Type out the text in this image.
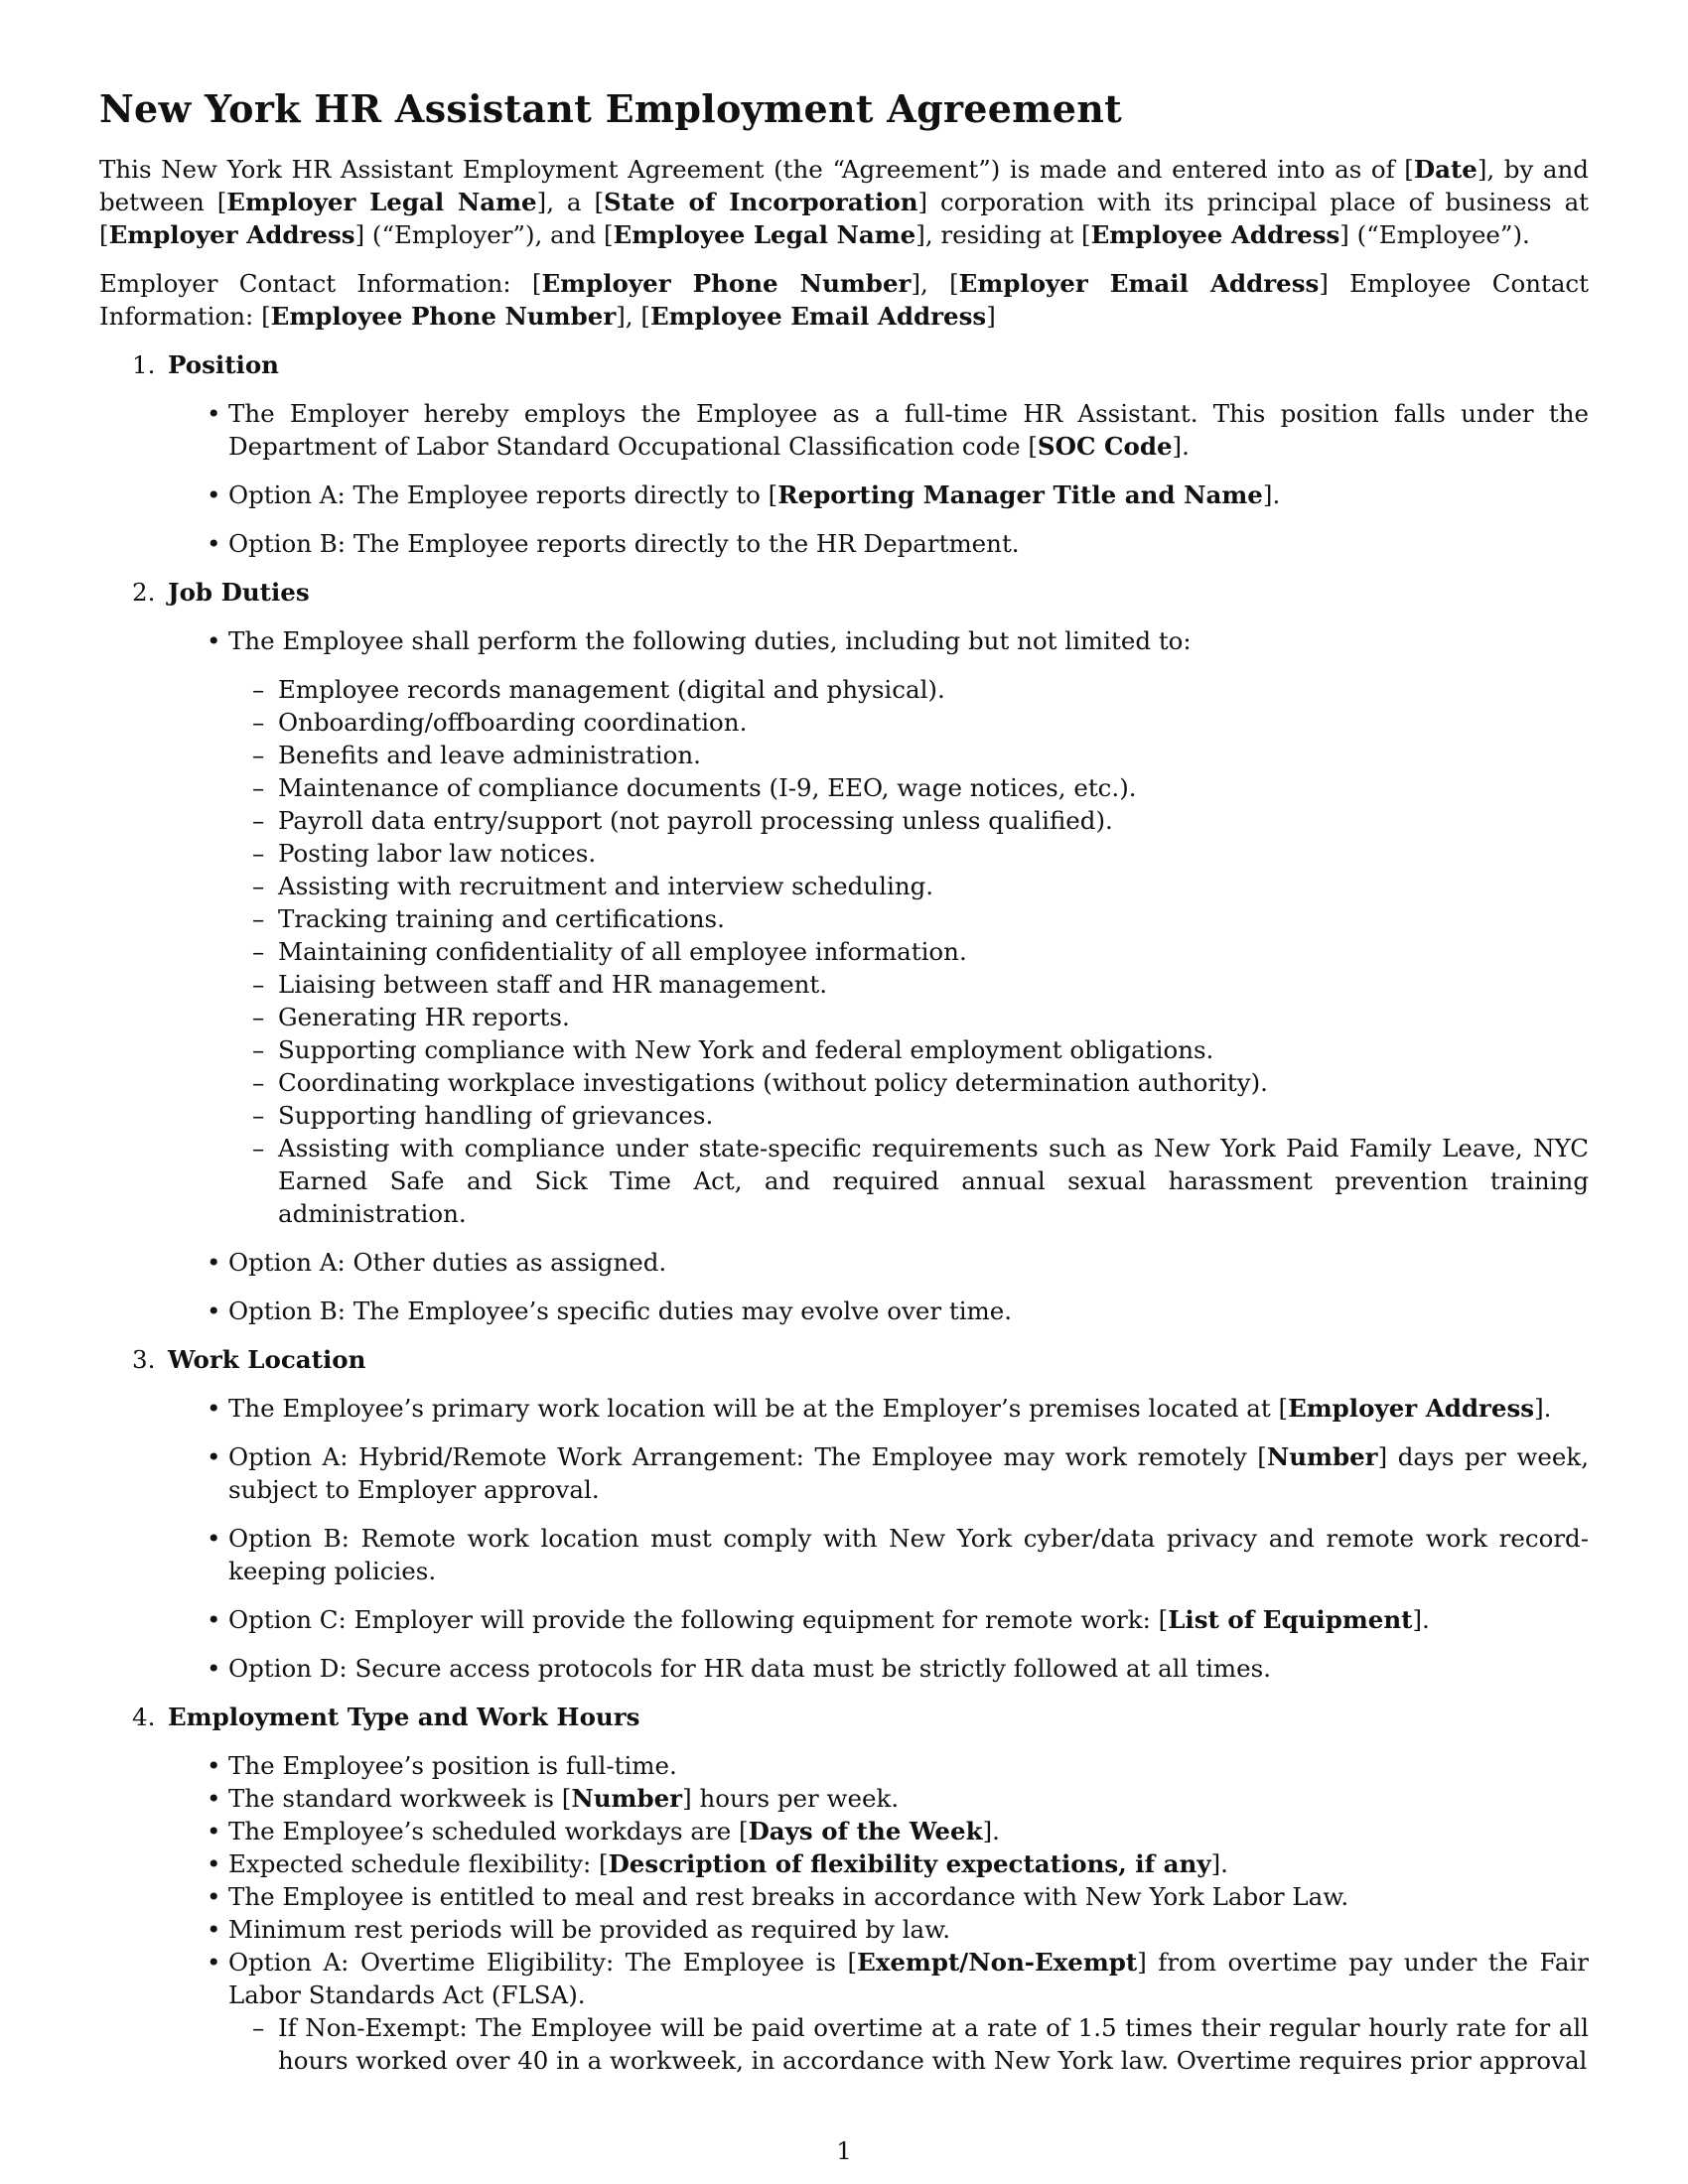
New York HR Assistant Employment Agreement

This New York HR Assistant Employment Agreement (the “Agreement”) is made and entered into as of [Date], by and between [Employer Legal Name], a [State of Incorporation] corporation with its principal place of business at [Employer Address] (“Employer”), and [Employee Legal Name], residing at [Employee Address] (“Employee”).

Employer Contact Information: [Employer Phone Number], [Employer Email Address] Employee Contact Information: [Employee Phone Number], [Employee Email Address]

1. Position
• The Employer hereby employs the Employee as a full-time HR Assistant. This position falls under the Department of Labor Standard Occupational Classification code [SOC Code].
• Option A: The Employee reports directly to [Reporting Manager Title and Name].
• Option B: The Employee reports directly to the HR Department.
2. Job Duties
• The Employee shall perform the following duties, including but not limited to:
– Employee records management (digital and physical).
– Onboarding/offboarding coordination.
– Benefits and leave administration.
– Maintenance of compliance documents (I-9, EEO, wage notices, etc.).
– Payroll data entry/support (not payroll processing unless qualified).
– Posting labor law notices.
– Assisting with recruitment and interview scheduling.
– Tracking training and certifications.
– Maintaining confidentiality of all employee information.
– Liaising between staff and HR management.
– Generating HR reports.
– Supporting compliance with New York and federal employment obligations.
– Coordinating workplace investigations (without policy determination authority).
– Supporting handling of grievances.
– Assisting with compliance under state-specific requirements such as New York Paid Family Leave, NYC Earned Safe and Sick Time Act, and required annual sexual harassment prevention training administration.
• Option A: Other duties as assigned.
• Option B: The Employee’s specific duties may evolve over time.
3. Work Location
• The Employee’s primary work location will be at the Employer’s premises located at [Employer Address].
• Option A: Hybrid/Remote Work Arrangement: The Employee may work remotely [Number] days per week, subject to Employer approval.
• Option B: Remote work location must comply with New York cyber/data privacy and remote work record-keeping policies.
• Option C: Employer will provide the following equipment for remote work: [List of Equipment].
• Option D: Secure access protocols for HR data must be strictly followed at all times.
4. Employment Type and Work Hours
• The Employee’s position is full-time.
• The standard workweek is [Number] hours per week.
• The Employee’s scheduled workdays are [Days of the Week].
• Expected schedule flexibility: [Description of flexibility expectations, if any].
• The Employee is entitled to meal and rest breaks in accordance with New York Labor Law.
• Minimum rest periods will be provided as required by law.
• Option A: Overtime Eligibility: The Employee is [Exempt/Non-Exempt] from overtime pay under the Fair Labor Standards Act (FLSA).
– If Non-Exempt: The Employee will be paid overtime at a rate of 1.5 times their regular hourly rate for all hours worked over 40 in a workweek, in accordance with New York law. Overtime requires prior approval
1
